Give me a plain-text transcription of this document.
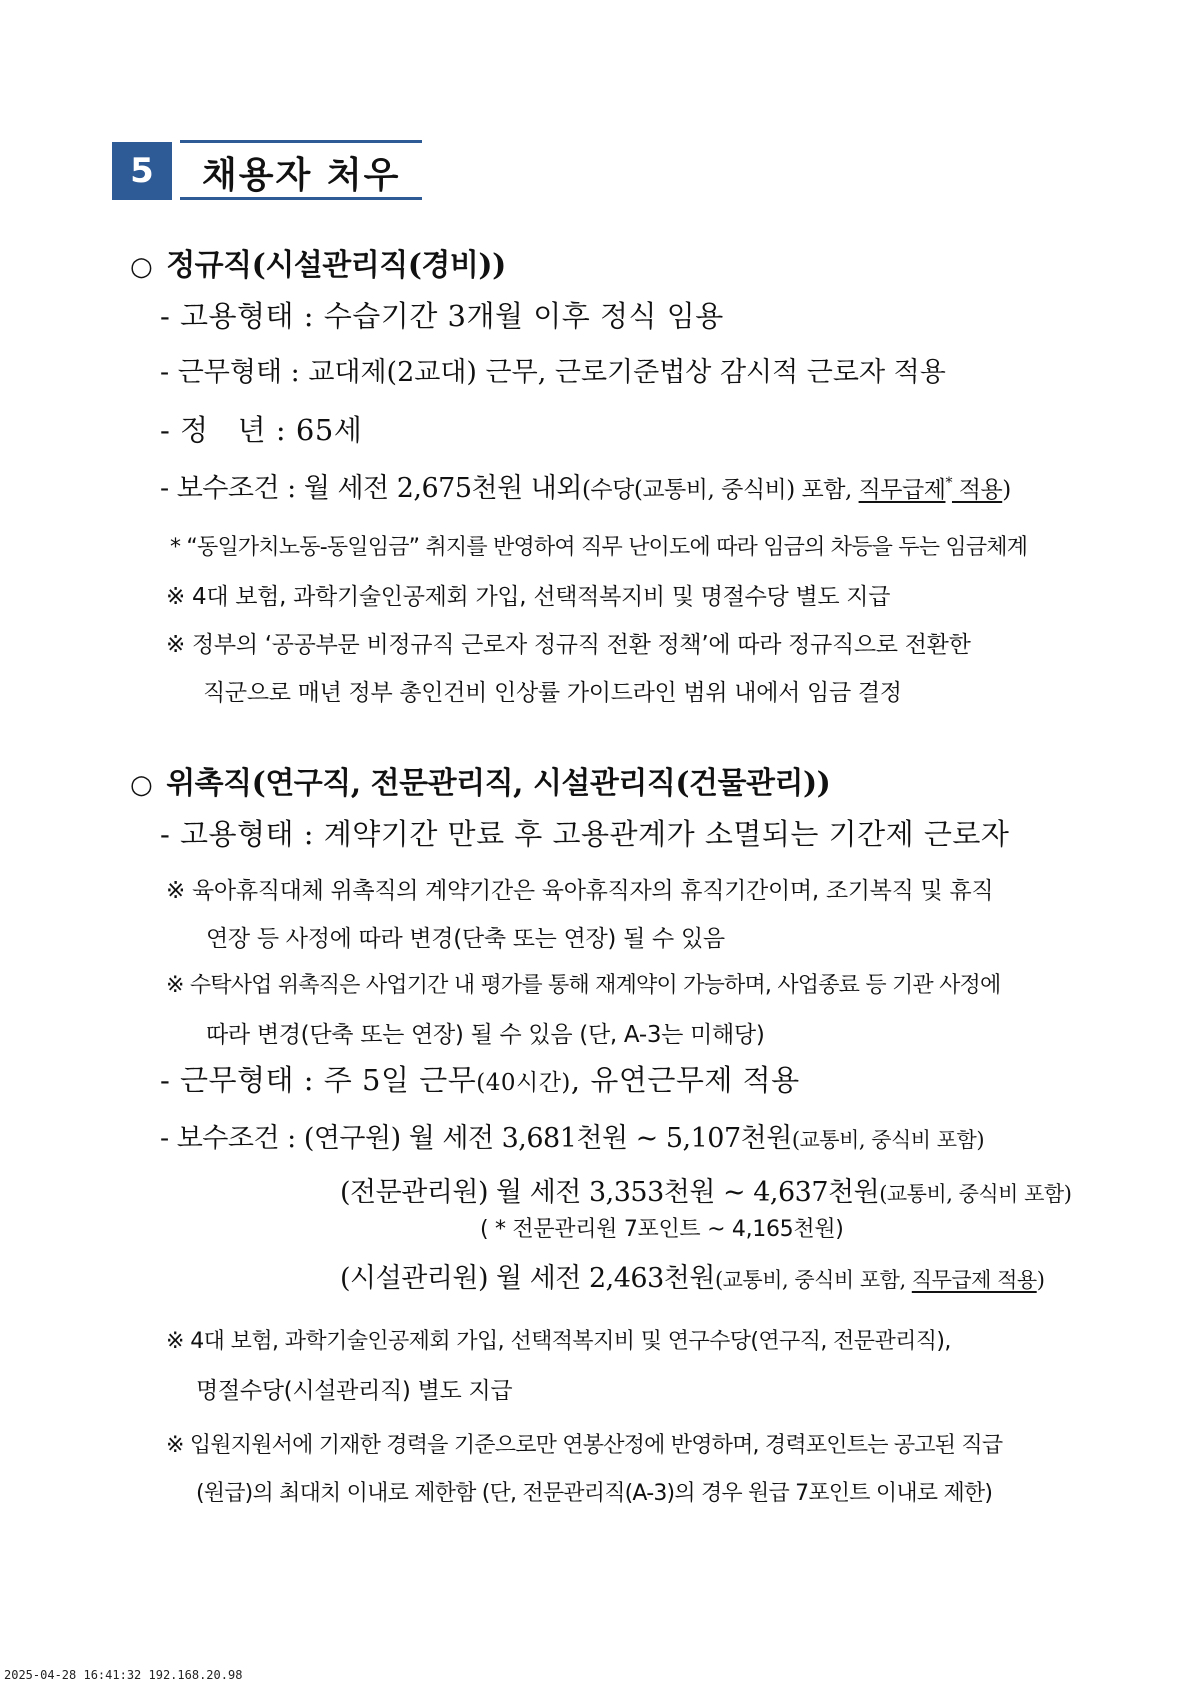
5	채용자 처우
○ 정규직(시설관리직(경비))
- 고용형태 : 수습기간 3개월 이후 정식 임용
- 근무형태 : 교대제(2교대) 근무, 근로기준법상 감시적 근로자 적용
- 정   년 : 65세
- 보수조건 : 월 세전 2,675천원 내외(수당(교통비, 중식비) 포함, 직무급제* 적용)
* “동일가치노동-동일임금” 취지를 반영하여 직무 난이도에 따라 임금의 차등을 두는 임금체계
※ 4대 보험, 과학기술인공제회 가입, 선택적복지비 및 명절수당 별도 지급
※ 정부의 ‘공공부문 비정규직 근로자 정규직 전환 정책’에 따라 정규직으로 전환한
직군으로 매년 정부 총인건비 인상률 가이드라인 범위 내에서 임금 결정
○ 위촉직(연구직, 전문관리직, 시설관리직(건물관리))
- 고용형태 : 계약기간 만료 후 고용관계가 소멸되는 기간제 근로자
※ 육아휴직대체 위촉직의 계약기간은 육아휴직자의 휴직기간이며, 조기복직 및 휴직
연장 등 사정에 따라 변경(단축 또는 연장) 될 수 있음
※ 수탁사업 위촉직은 사업기간 내 평가를 통해 재계약이 가능하며, 사업종료 등 기관 사정에
따라 변경(단축 또는 연장) 될 수 있음 (단, A-3는 미해당)
- 근무형태 : 주 5일 근무(40시간), 유연근무제 적용
- 보수조건 : (연구원) 월 세전 3,681천원 ~ 5,107천원(교통비, 중식비 포함)
(전문관리원) 월 세전 3,353천원 ~ 4,637천원(교통비, 중식비 포함)
( * 전문관리원 7포인트 ~ 4,165천원)
(시설관리원) 월 세전 2,463천원(교통비, 중식비 포함, 직무급제 적용)
※ 4대 보험, 과학기술인공제회 가입, 선택적복지비 및 연구수당(연구직, 전문관리직),
명절수당(시설관리직) 별도 지급
※ 입원지원서에 기재한 경력을 기준으로만 연봉산정에 반영하며, 경력포인트는 공고된 직급
(원급)의 최대치 이내로 제한함 (단, 전문관리직(A-3)의 경우 원급 7포인트 이내로 제한)
2025-04-28 16:41:32 192.168.20.98
